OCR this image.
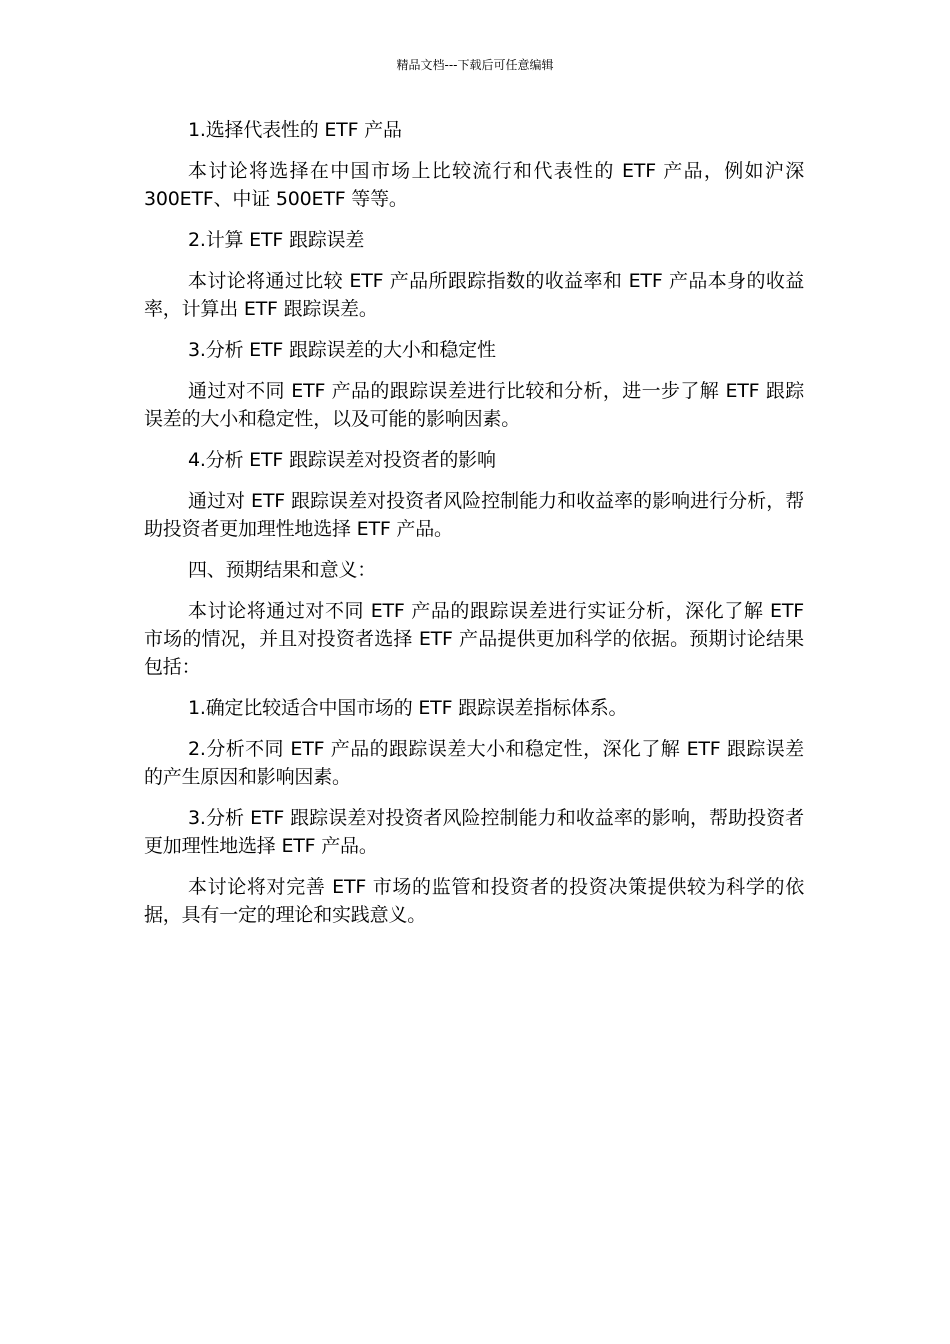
精品文档---下载后可任意编辑

1.选择代表性的 ETF 产品

本讨论将选择在中国市场上比较流行和代表性的 ETF 产品，例如沪深 300ETF、中证 500ETF 等等。

2.计算 ETF 跟踪误差

本讨论将通过比较 ETF 产品所跟踪指数的收益率和 ETF 产品本身的收益率，计算出 ETF 跟踪误差。

3.分析 ETF 跟踪误差的大小和稳定性

通过对不同 ETF 产品的跟踪误差进行比较和分析，进一步了解 ETF 跟踪误差的大小和稳定性，以及可能的影响因素。

4.分析 ETF 跟踪误差对投资者的影响

通过对 ETF 跟踪误差对投资者风险控制能力和收益率的影响进行分析，帮助投资者更加理性地选择 ETF 产品。

四、预期结果和意义：

本讨论将通过对不同 ETF 产品的跟踪误差进行实证分析，深化了解 ETF 市场的情况，并且对投资者选择 ETF 产品提供更加科学的依据。预期讨论结果包括：

1.确定比较适合中国市场的 ETF 跟踪误差指标体系。

2.分析不同 ETF 产品的跟踪误差大小和稳定性，深化了解 ETF 跟踪误差的产生原因和影响因素。

3.分析 ETF 跟踪误差对投资者风险控制能力和收益率的影响，帮助投资者更加理性地选择 ETF 产品。

本讨论将对完善 ETF 市场的监管和投资者的投资决策提供较为科学的依据，具有一定的理论和实践意义。
